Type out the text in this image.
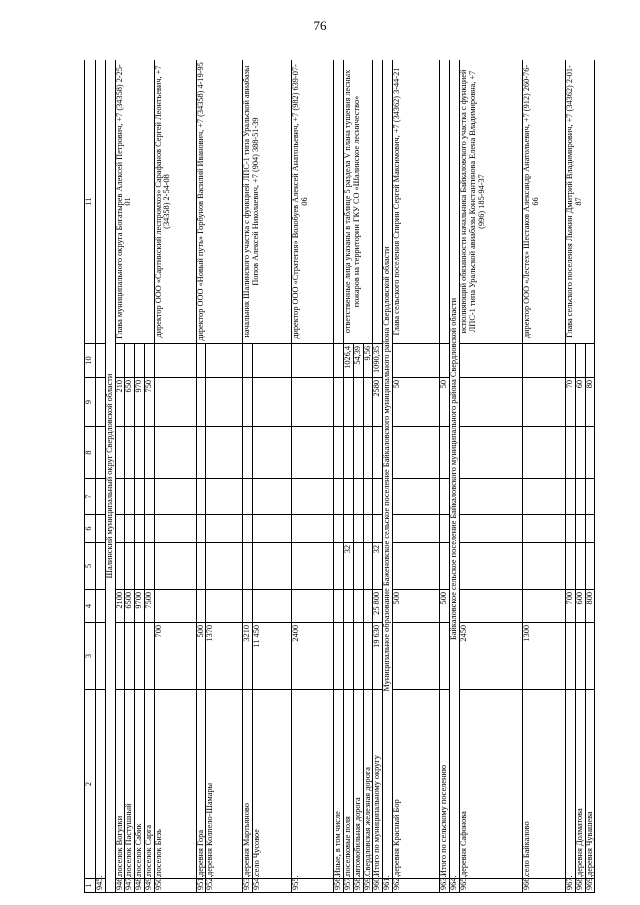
76
1	2	3	4	5	6	7	8	9	10	11
945.										
Шалинский муниципальный округ Свердловской области										
946.	поселок Вогулки		2100					210		Глава муниципального округа Богатырев Алексей Петрович, +7 (34358) 2-25-01
947.	поселок Пастушный		6500					650		
948.	поселок Сабик		9700					970		
949.	поселок Сарга		7500					750		
950.	поселок Бизь	700								директор ООО «Сартинский леспромхоз» Сарафанов Сергей Леонтьевич, +7 (34358) 2-54-08
951.	деревня Гора	500								директор ООО «Новый путь» Горбунов Василий Иванович, +7 (34358) 4-19-95
952.	деревня Колпело-Шамары	1370								
953.	деревня Мартьяново	3210								начальник Шалинского участка с функцией ЛПС-1 типа Уральской авиабазы Попов Алексей Николаевич, +7 (904) 388-51-39
954.	село Чусовое	11 450								
955.		2400								директор ООО «Стратегия» Волобуев Алексей Анатольевич, +7 (982) 639-07-06
956.	Иные, в том числе									
957.	поселковые поля			32					1026,4	ответственные лица указаны в таблице 5 раздела V плана тушения лесных пожаров на территории ГКУ СО «Шалинское лесничество»
958.	автомобильная дорога								54,39	
959.	Свердловская железная дорога								9,56	
960.	Итого по муниципальному округу	19 630	25 800	32				2580	1090,35	
961.	Муниципальное образование Баженовское сельское поселение Байкаловского муниципального района Свердловской области									
962.	деревня Красный Бор		500					50		Глава сельского поселения Спирин Сергей Максимович, +7 (34362) 3-44-21
963.	Итого по сельскому поселению		500					50		
964.	Байкаловское сельское поселение Байкаловского муниципального района Свердловской области									
965.	деревня Сафонова	2450								исполняющий обязанности начальника Байкаловского участка с функцией ЛПС-1 типа Уральской авиабазы Константинова Елена Владимировна, +7 (996) 185-94-37
966.	село Байкалово	1300								директор ООО «Лестех» Шестаков Александр Анатольевич, +7 (912) 260-76-66
967.			700					70		Глава сельского поселения Лыжин Дмитрий Владимирович, +7 (34362) 2-01-87
968.	деревня Долматова		600					60		
969.	деревня Чувашева		800					80		
